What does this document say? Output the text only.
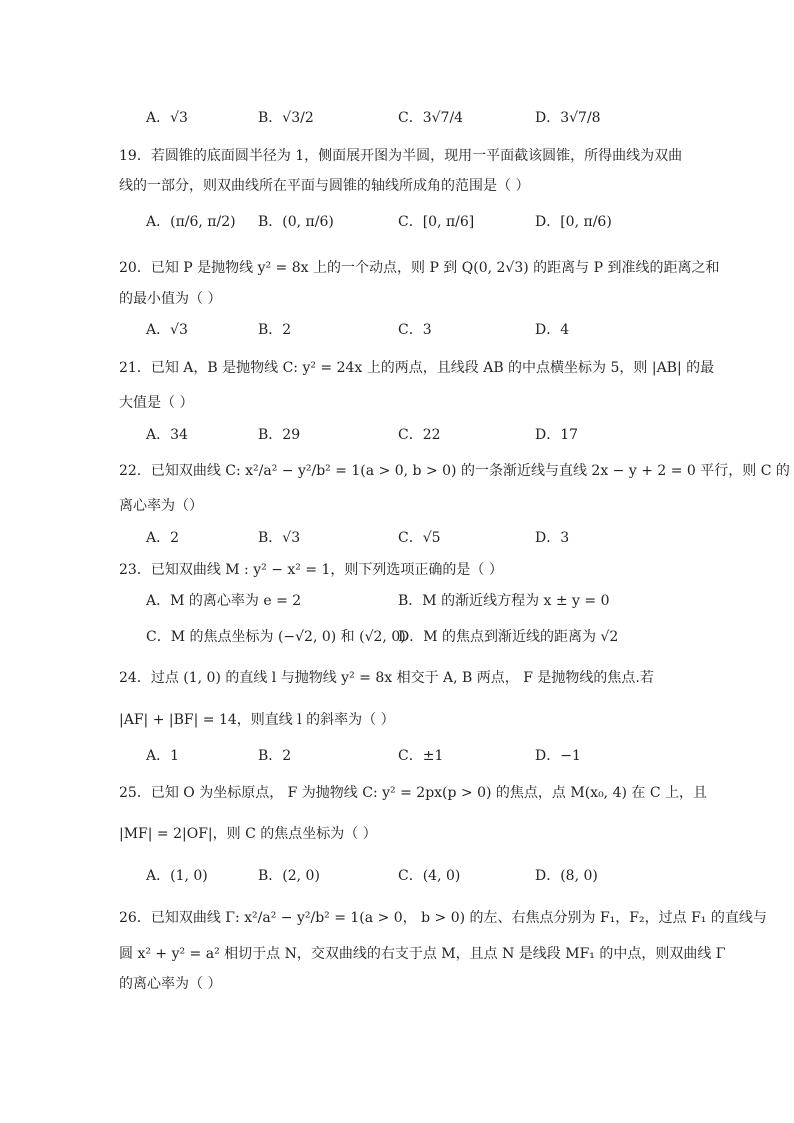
A．√3	B．√3/2	C．3√7/4	D．3√7/8
19．若圆锥的底面圆半径为 1，侧面展开图为半圆，现用一平面截该圆锥，所得曲线为双曲
线的一部分，则双曲线所在平面与圆锥的轴线所成角的范围是（ ）
A．(π/6, π/2) B．(0, π/6)	C．[0, π/6]	D．[0, π/6)
20．已知 P 是抛物线 y² = 8x 上的一个动点，则 P 到 Q(0, 2√3) 的距离与 P 到准线的距离之和
的最小值为（ ）
A．√3	B．2	C．3	D．4
21．已知 A，B 是抛物线 C: y² = 24x 上的两点，且线段 AB 的中点横坐标为 5，则 |AB| 的最
大值是（ ）
A．34	B．29	C．22	D．17
22．已知双曲线 C: x²/a² − y²/b² = 1(a > 0, b > 0) 的一条渐近线与直线 2x − y + 2 = 0 平行，则 C 的
离心率为（）
A．2	B．√3	C．√5	D．3
23．已知双曲线 M : y² − x² = 1，则下列选项正确的是（ ）
A．M 的离心率为 e = 2	B．M 的渐近线方程为 x ± y = 0
C．M 的焦点坐标为 (−√2, 0) 和 (√2, 0)
D．M 的焦点到渐近线的距离为 √2
24．过点 (1, 0) 的直线 l 与抛物线 y² = 8x 相交于 A, B 两点， F 是抛物线的焦点.若
|AF| + |BF| = 14，则直线 l 的斜率为（ ）
A．1	B．2	C．±1	D．−1
25．已知 O 为坐标原点， F 为抛物线 C: y² = 2px(p > 0) 的焦点，点 M(x₀, 4) 在 C 上，且
|MF| = 2|OF|，则 C 的焦点坐标为（ ）
A．(1, 0)	B．(2, 0)	C．(4, 0)	D．(8, 0)
26．已知双曲线 Γ: x²/a² − y²/b² = 1(a > 0， b > 0) 的左、右焦点分别为 F₁，F₂，过点 F₁ 的直线与
圆 x² + y² = a² 相切于点 N，交双曲线的右支于点 M，且点 N 是线段 MF₁ 的中点，则双曲线 Γ
的离心率为（ ）
